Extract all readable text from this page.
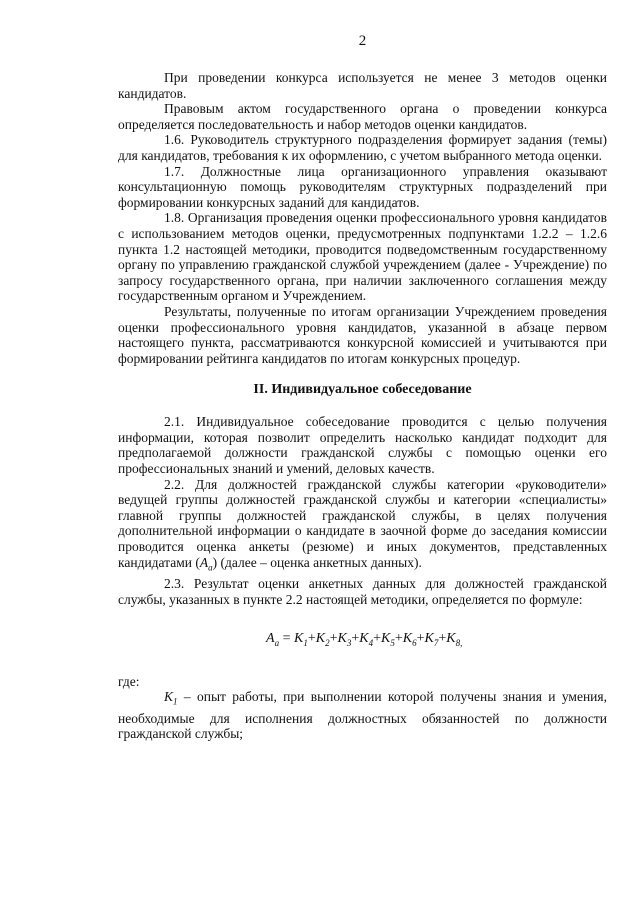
2

При проведении конкурса используется не менее 3 методов оценки кандидатов.

Правовым актом государственного органа о проведении конкурса определяется последовательность и набор методов оценки кандидатов.

1.6. Руководитель структурного подразделения формирует задания (темы) для кандидатов, требования к их оформлению, с учетом выбранного метода оценки.

1.7. Должностные лица организационного управления оказывают консультационную помощь руководителям структурных подразделений при формировании конкурсных заданий для кандидатов.

1.8. Организация проведения оценки профессионального уровня кандидатов с использованием методов оценки, предусмотренных подпунктами 1.2.2 – 1.2.6 пункта 1.2 настоящей методики, проводится подведомственным государственному органу по управлению гражданской службой учреждением (далее - Учреждение) по запросу государственного органа, при наличии заключенного соглашения между государственным органом и Учреждением.

Результаты, полученные по итогам организации Учреждением проведения оценки профессионального уровня кандидатов, указанной в абзаце первом настоящего пункта, рассматриваются конкурсной комиссией и учитываются при формировании рейтинга кандидатов по итогам конкурсных процедур.

II. Индивидуальное собеседование

2.1. Индивидуальное собеседование проводится с целью получения информации, которая позволит определить насколько кандидат подходит для предполагаемой должности гражданской службы с помощью оценки его профессиональных знаний и умений, деловых качеств.

2.2. Для должностей гражданской службы категории «руководители» ведущей группы должностей гражданской службы и категории «специалисты» главной группы должностей гражданской службы, в целях получения дополнительной информации о кандидате в заочной форме до заседания комиссии проводится оценка анкеты (резюме) и иных документов, представленных кандидатами $(A_a)$ (далее – оценка анкетных данных).

2.3. Результат оценки анкетных данных для должностей гражданской службы, указанных в пункте 2.2 настоящей методики, определяется по формуле:

$A_a = K_1+K_2+K_3+K_4+K_5+K_6+K_7+K_{8,}$

где:

$K_1$ – опыт работы, при выполнении которой получены знания и умения, необходимые для исполнения должностных обязанностей по должности гражданской службы;
